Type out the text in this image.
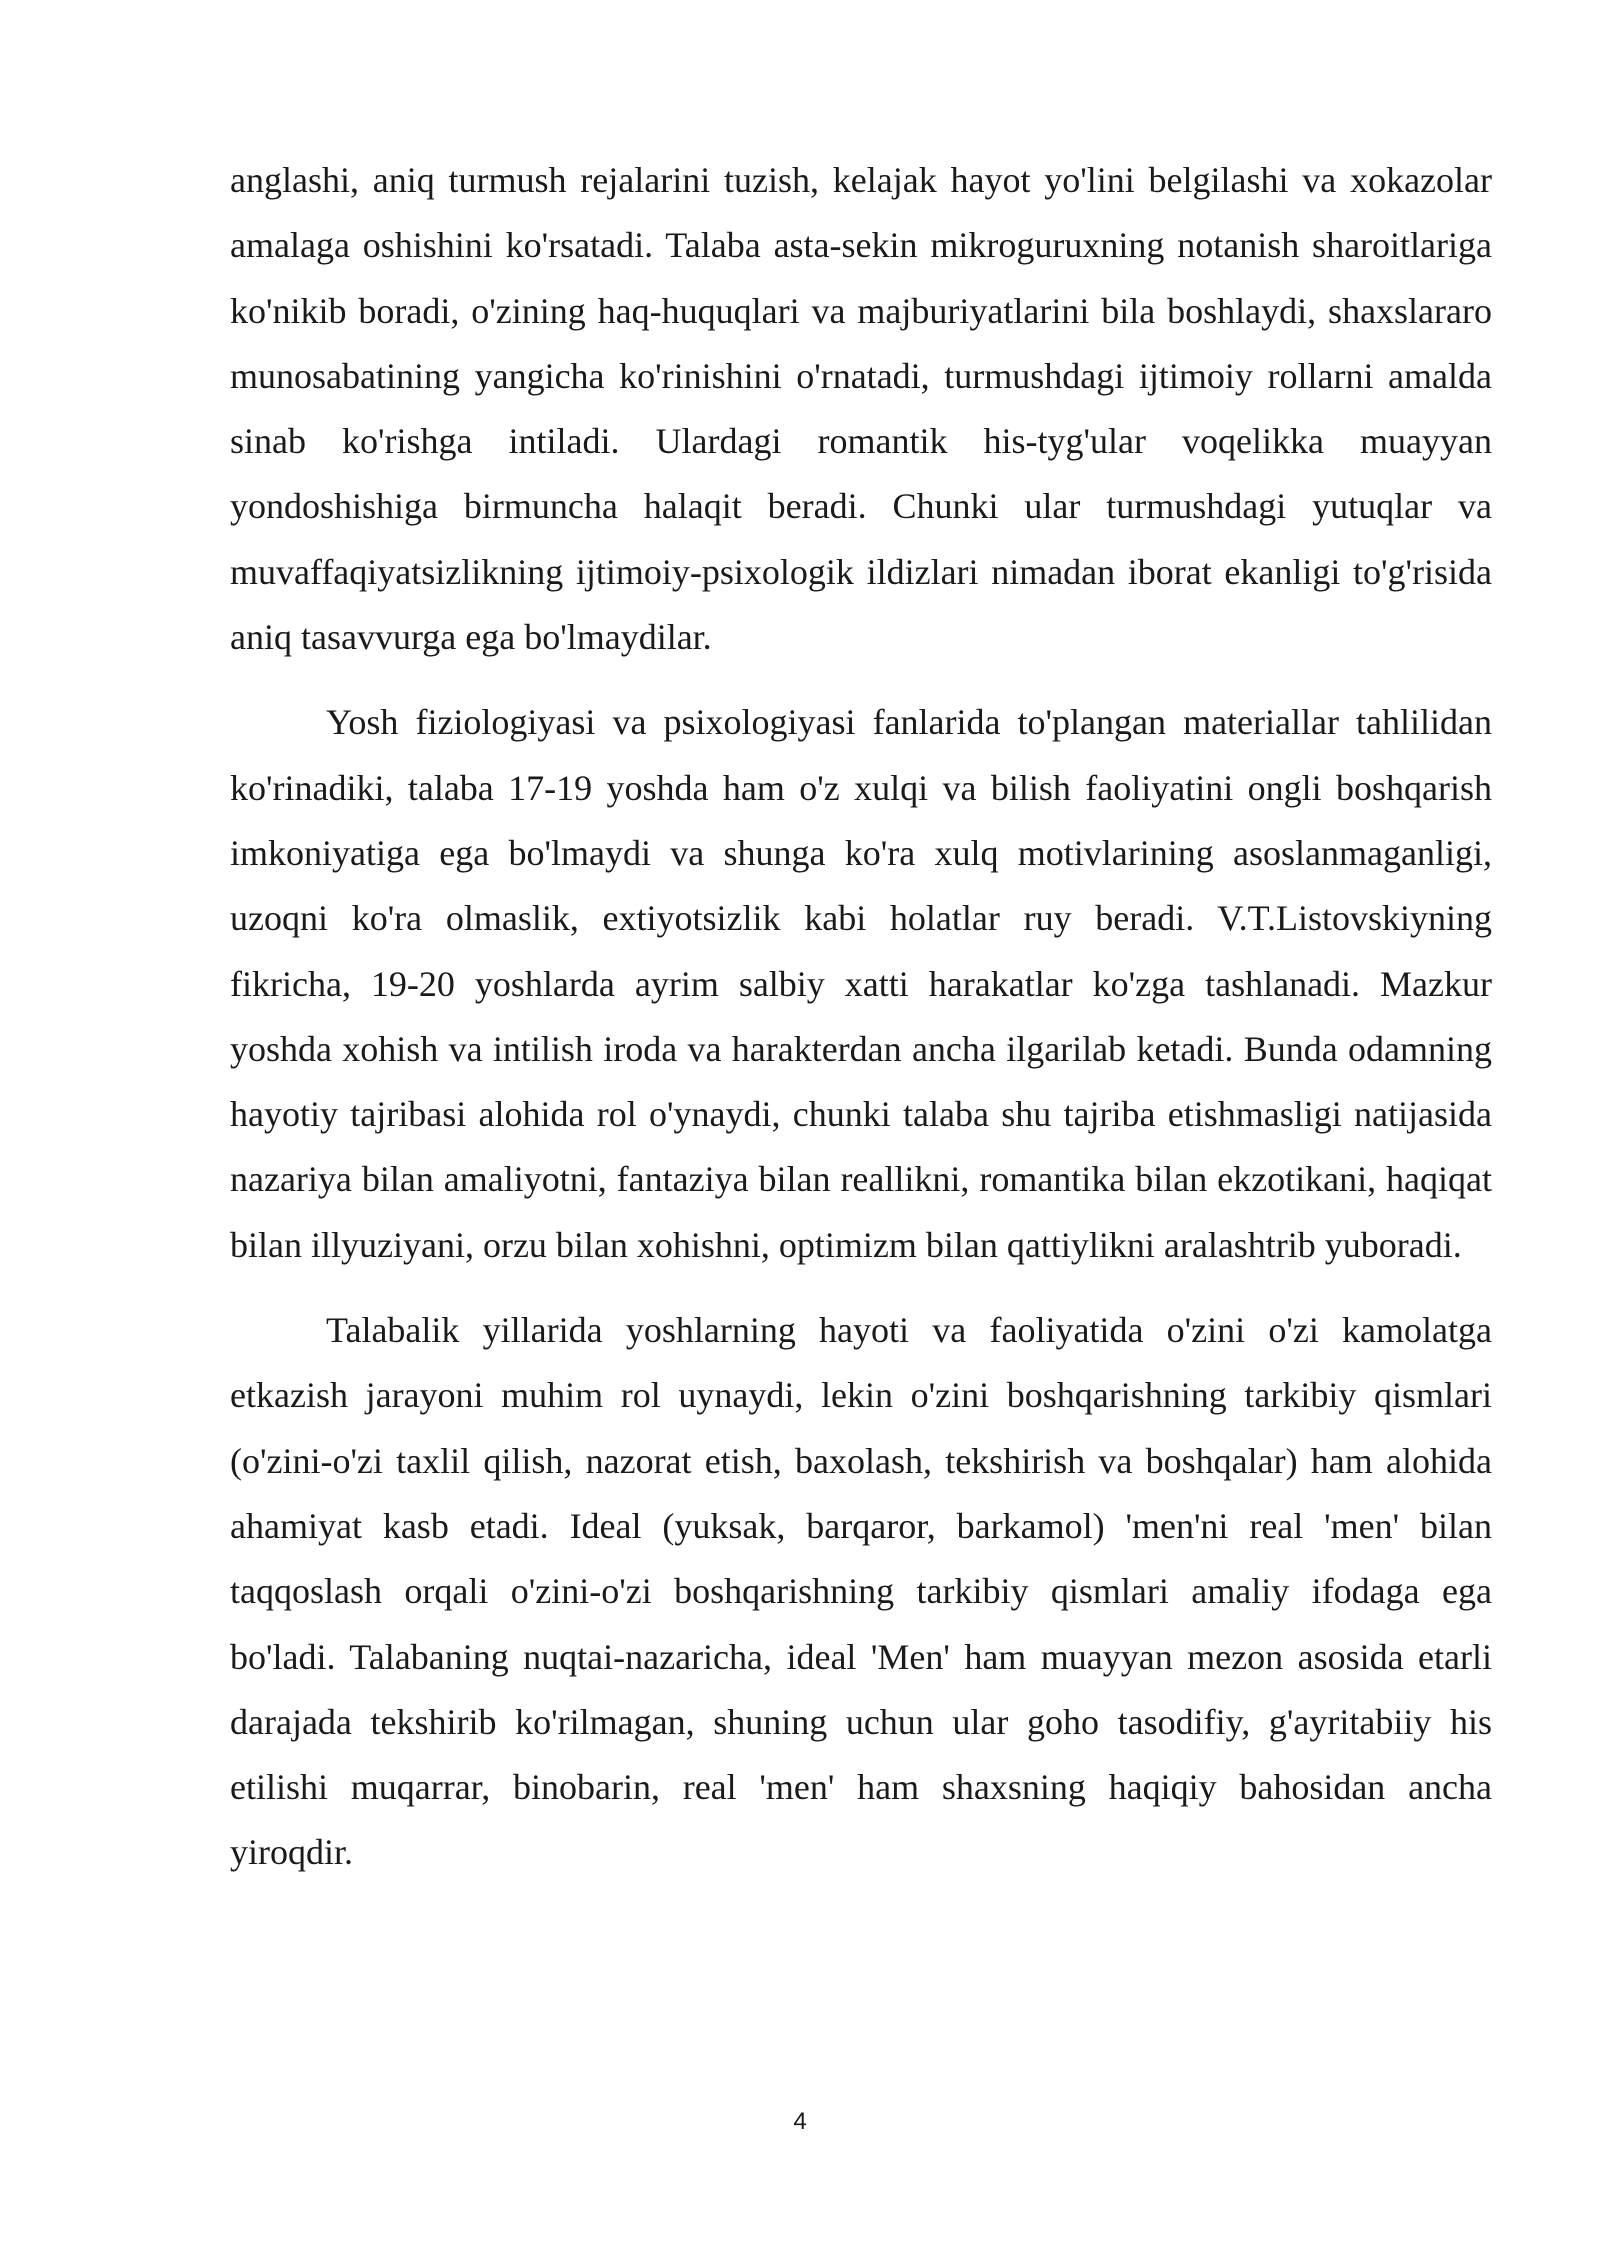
anglashi, aniq turmush rejalarini tuzish, kelajak hayot yo'lini belgilashi va xokazolar amalaga oshishini ko'rsatadi. Talaba asta-sekin mikroguruxning notanish sharoitlariga ko'nikib boradi, o'zining haq-huquqlari va majburiyatlarini bila boshlaydi, shaxslararo munosabatining yangicha ko'rinishini o'rnatadi, turmushdagi ijtimoiy rollarni amalda sinab ko'rishga intiladi. Ulardagi romantik his-tyg'ular voqelikka muayyan yondoshishiga birmuncha halaqit beradi. Chunki ular turmushdagi yutuqlar va muvaffaqiyatsizlikning ijtimoiy-psixologik ildizlari nimadan iborat ekanligi to'g'risida aniq tasavvurga ega bo'lmaydilar.

Yosh fiziologiyasi va psixologiyasi fanlarida to'plangan materiallar tahlilidan ko'rinadiki, talaba 17-19 yoshda ham o'z xulqi va bilish faoliyatini ongli boshqarish imkoniyatiga ega bo'lmaydi va shunga ko'ra xulq motivlarining asoslanmaganligi, uzoqni ko'ra olmaslik, extiyotsizlik kabi holatlar ruy beradi. V.T.Listovskiyning fikricha, 19-20 yoshlarda ayrim salbiy xatti harakatlar ko'zga tashlanadi. Mazkur yoshda xohish va intilish iroda va harakterdan ancha ilgarilab ketadi. Bunda odamning hayotiy tajribasi alohida rol o'ynaydi, chunki talaba shu tajriba etishmasligi natijasida nazariya bilan amaliyotni, fantaziya bilan reallikni, romantika bilan ekzotikani, haqiqat bilan illyuziyani, orzu bilan xohishni, optimizm bilan qattiylikni aralashtrib yuboradi.

Talabalik yillarida yoshlarning hayoti va faoliyatida o'zini o'zi kamolatga etkazish jarayoni muhim rol uynaydi, lekin o'zini boshqarishning tarkibiy qismlari (o'zini-o'zi taxlil qilish, nazorat etish, baxolash, tekshirish va boshqalar) ham alohida ahamiyat kasb etadi. Ideal (yuksak, barqaror, barkamol) 'men'ni real 'men' bilan taqqoslash orqali o'zini-o'zi boshqarishning tarkibiy qismlari amaliy ifodaga ega bo'ladi. Talabaning nuqtai-nazaricha, ideal 'Men' ham muayyan mezon asosida etarli darajada tekshirib ko'rilmagan, shuning uchun ular goho tasodifiy, g'ayritabiiy his etilishi muqarrar, binobarin, real 'men' ham shaxsning haqiqiy bahosidan ancha yiroqdir.

4
